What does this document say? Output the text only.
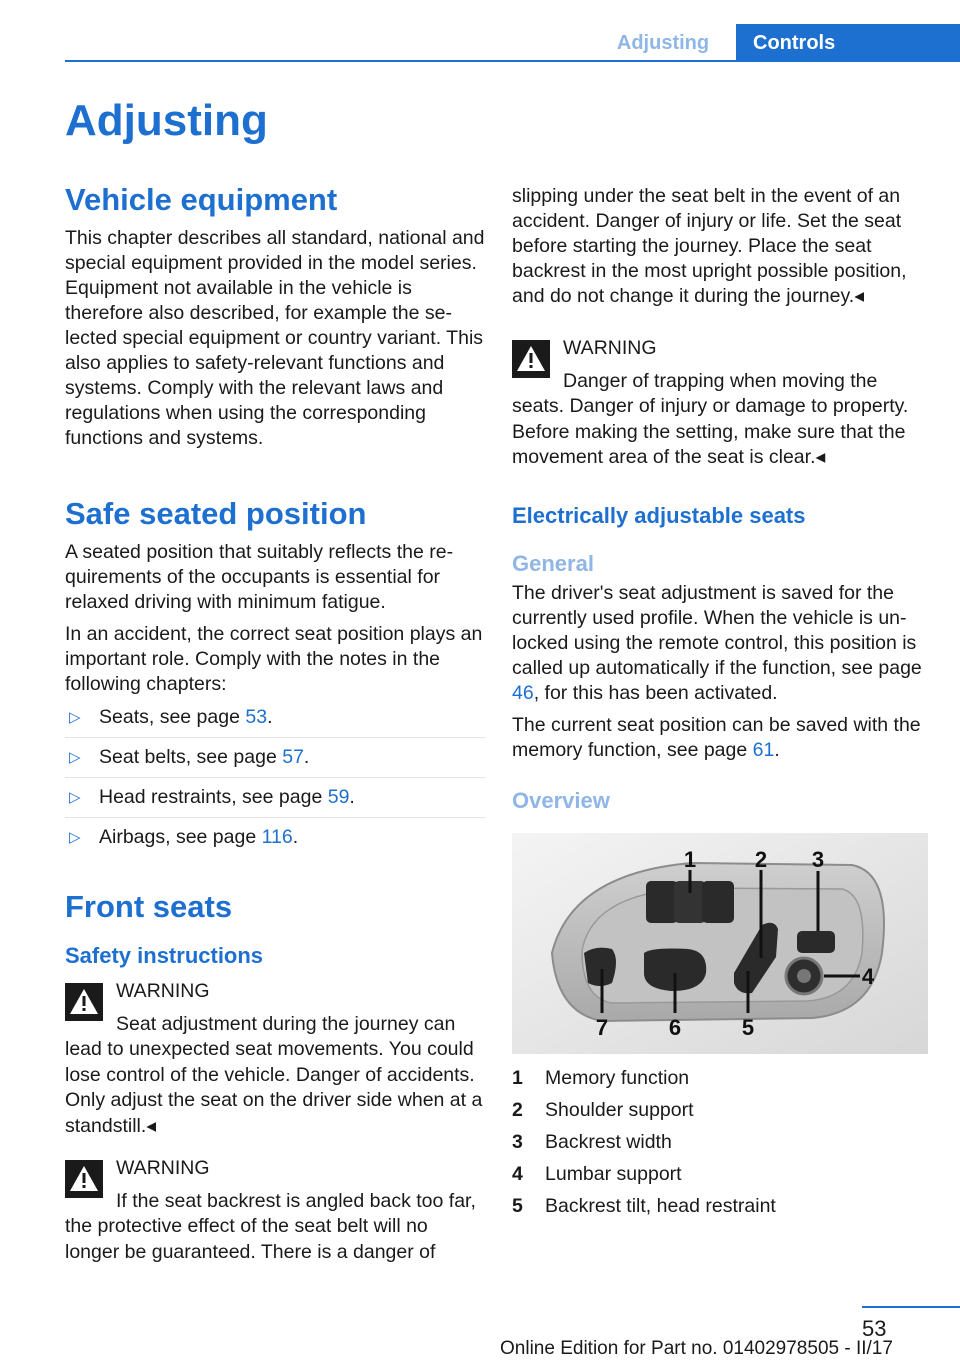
Adjusting	Controls
Adjusting
Vehicle equipment

This chapter describes all standard, national and special equipment provided in the model series. Equipment not available in the vehicle is therefore also described, for example the selected special equipment or country variant. This also applies to safety-relevant functions and systems. Comply with the relevant laws and regulations when using the corresponding functions and systems.

Safe seated position

A seated position that suitably reflects the requirements of the occupants is essential for relaxed driving with minimum fatigue.

In an accident, the correct seat position plays an important role. Comply with the notes in the following chapters:

▷ Seats, see page 53.
▷ Seat belts, see page 57.
▷ Head restraints, see page 59.
▷ Airbags, see page 116.
Front seats
Safety instructions

WARNING

Seat adjustment during the journey can lead to unexpected seat movements. You could lose control of the vehicle. Danger of accidents. Only adjust the seat on the driver side when at a standstill.◂

WARNING

If the seat backrest is angled back too far, the protective effect of the seat belt will no longer be guaranteed. There is a danger of

slipping under the seat belt in the event of an accident. Danger of injury or life. Set the seat before starting the journey. Place the seat backrest in the most upright possible position, and do not change it during the journey.◂

WARNING

Danger of trapping when moving the seats. Danger of injury or damage to property. Before making the setting, make sure that the movement area of the seat is clear.◂

Electrically adjustable seats
General

The driver's seat adjustment is saved for the currently used profile. When the vehicle is unlocked using the remote control, this position is called up automatically if the function, see page 46, for this has been activated.

The current seat position can be saved with the memory function, see page 61.

Overview
1	2 3
4
5
6
7
1	Memory function
2	Shoulder support
3	Backrest width
4	Lumbar support
5	Backrest tilt, head restraint
53
Online Edition for Part no. 01402978505 - II/17
